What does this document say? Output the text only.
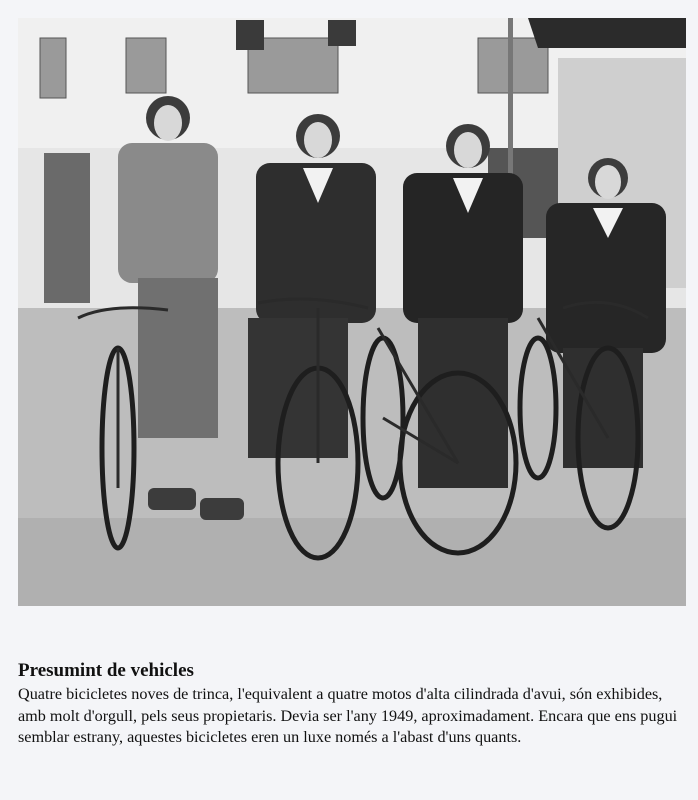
Presumint de vehicles

Quatre bicicletes noves de trinca, l'equivalent a quatre motos d'alta cilindrada d'avui, són exhibides, amb molt d'orgull, pels seus propietaris. Devia ser l'any 1949, aproximadament. Encara que ens pugui semblar estrany, aquestes bicicletes eren un luxe només a l'abast d'uns quants.
